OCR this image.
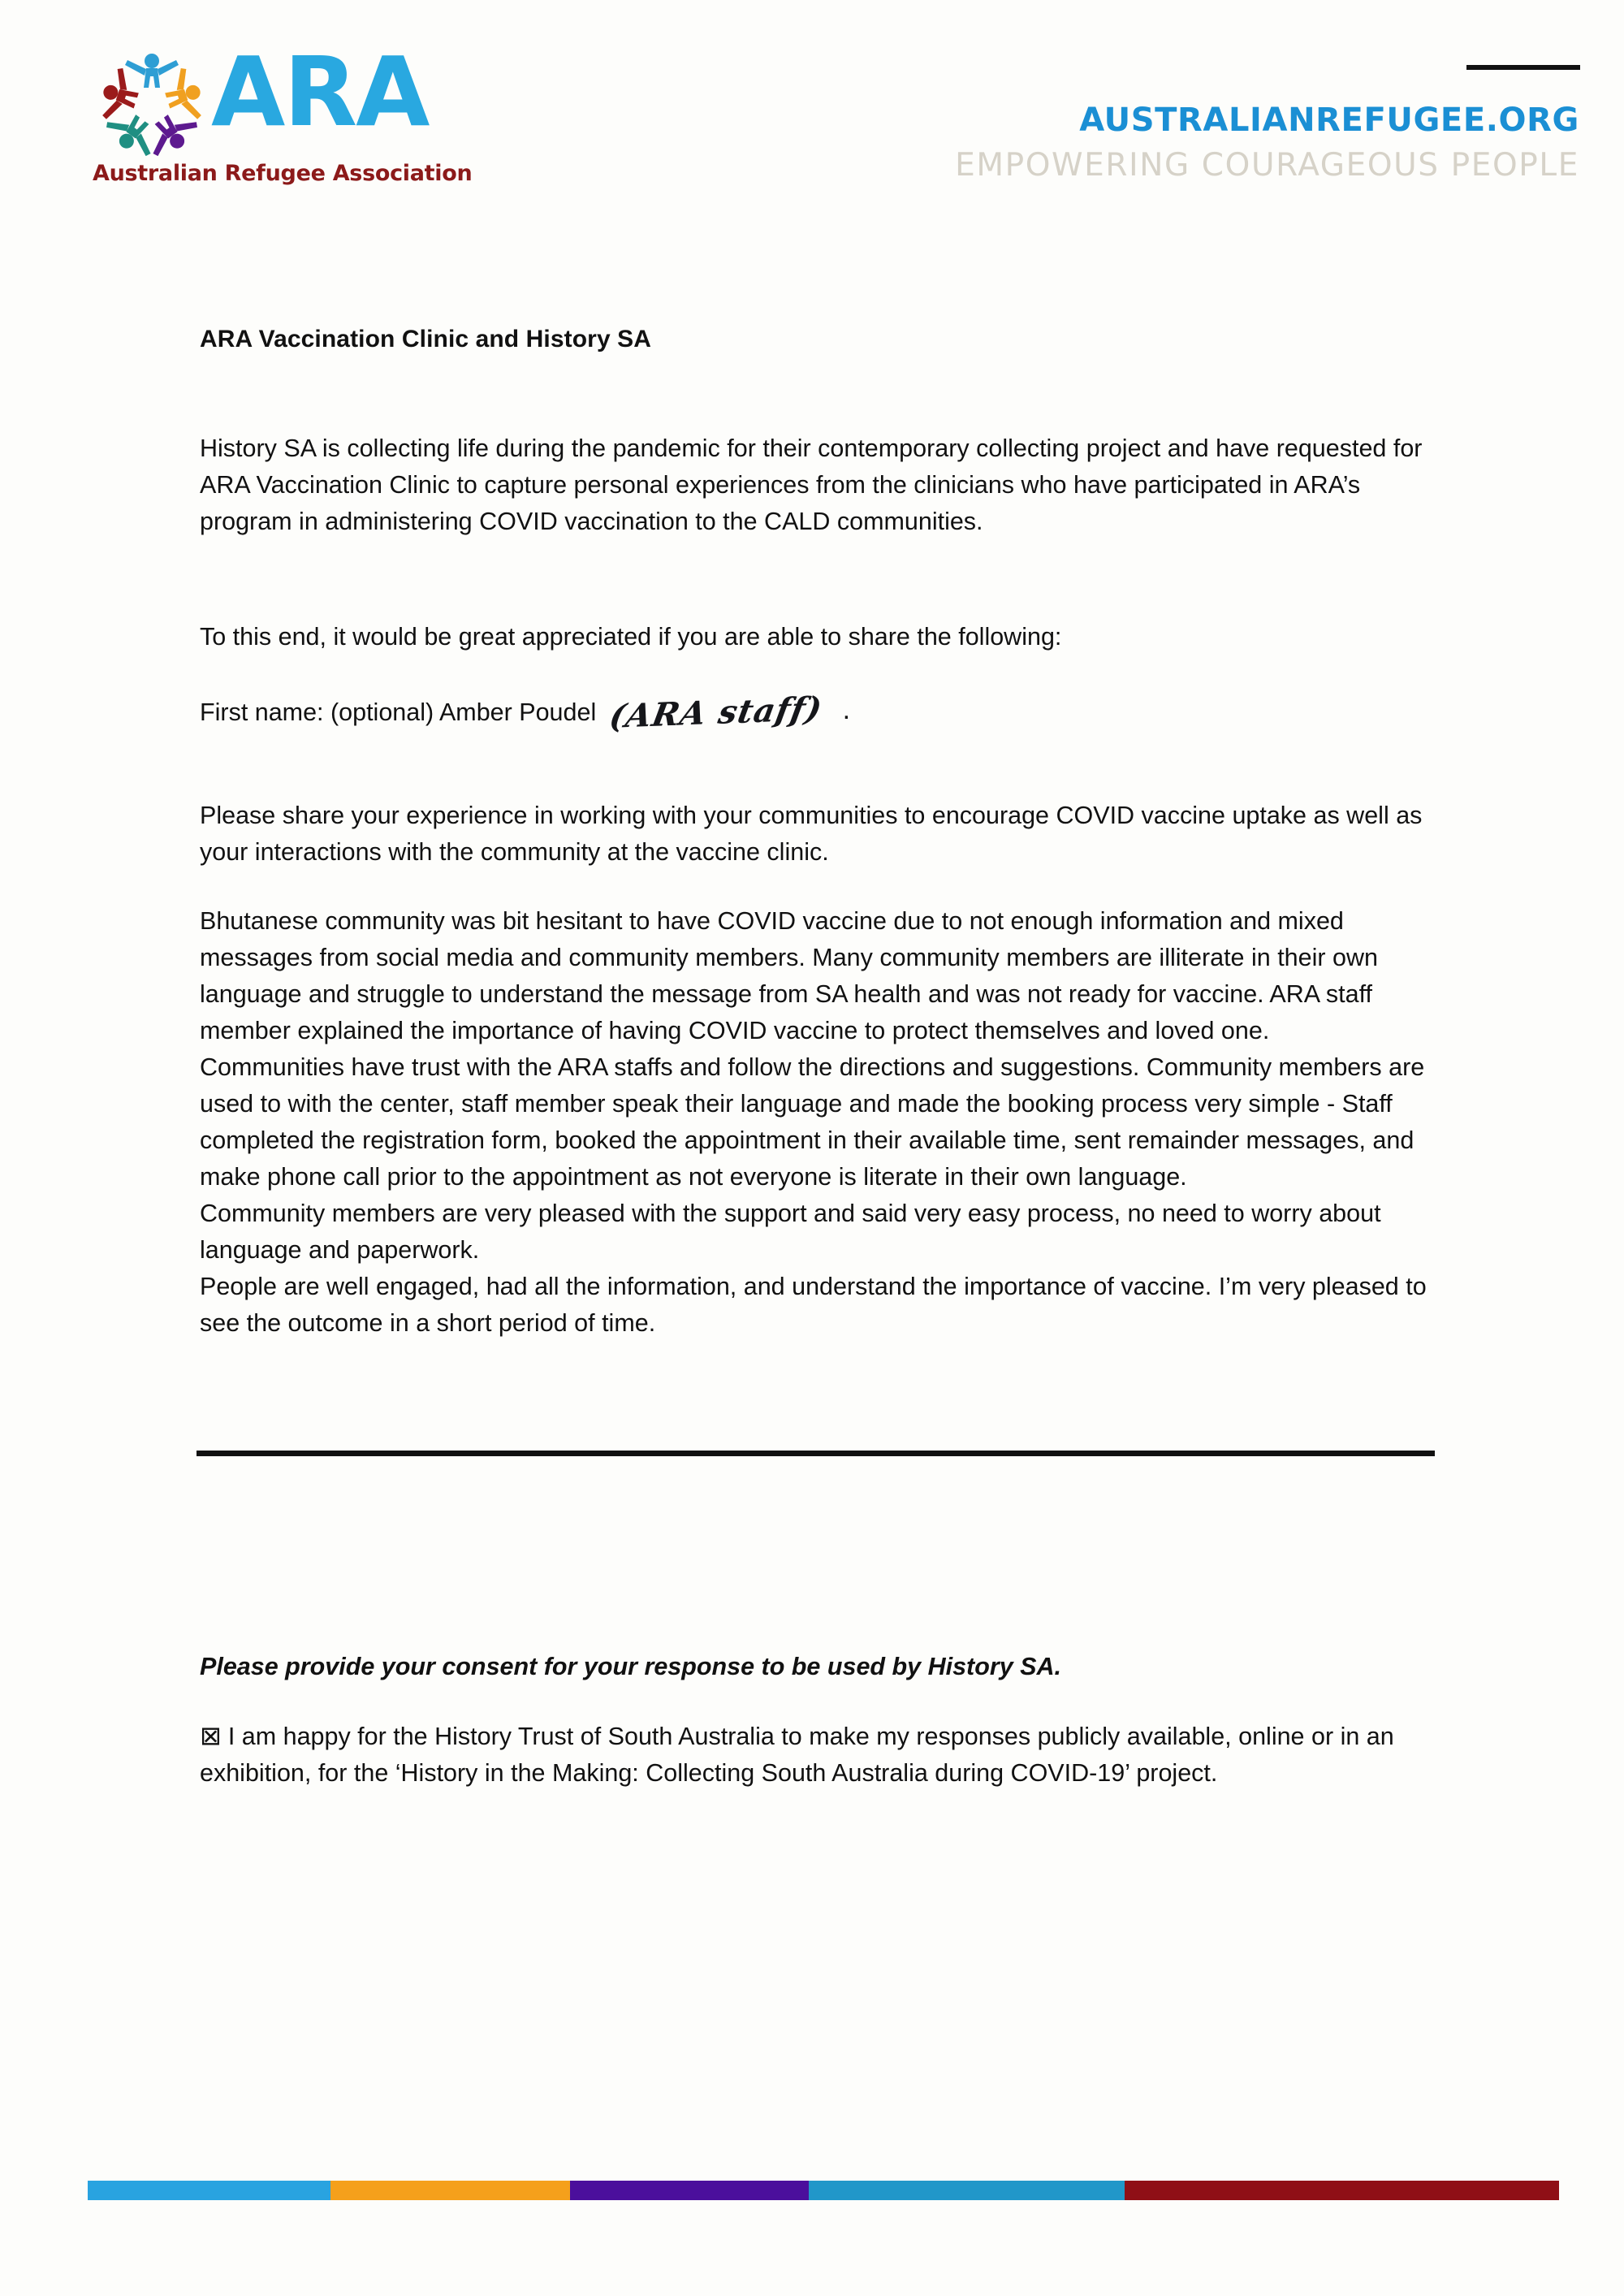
ARA
Australian Refugee Association
AUSTRALIANREFUGEE.ORG
EMPOWERING COURAGEOUS PEOPLE
ARA Vaccination Clinic and History SA
History SA is collecting life during the pandemic for their contemporary collecting project and have requested for ARA Vaccination Clinic to capture personal experiences from the clinicians who have participated in ARA’s program in administering COVID vaccination to the CALD communities.
To this end, it would be great appreciated if you are able to share the following:
First name: (optional) Amber Poudel (ARA staff) .
Please share your experience in working with your communities to encourage COVID vaccine uptake as well as your interactions with the community at the vaccine clinic.
Bhutanese community was bit hesitant to have COVID vaccine due to not enough information and mixed messages from social media and community members. Many community members are illiterate in their own language and struggle to understand the message from SA health and was not ready for vaccine. ARA staff member explained the importance of having COVID vaccine to protect themselves and loved one.
Communities have trust with the ARA staffs and follow the directions and suggestions. Community members are used to with the center, staff member speak their language and made the booking process very simple - Staff completed the registration form, booked the appointment in their available time, sent remainder messages, and make phone call prior to the appointment as not everyone is literate in their own language.
Community members are very pleased with the support and said very easy process, no need to worry about language and paperwork.
People are well engaged, had all the information, and understand the importance of vaccine. I’m very pleased to see the outcome in a short period of time.
Please provide your consent for your response to be used by History SA.
⊠ I am happy for the History Trust of South Australia to make my responses publicly available, online or in an exhibition, for the ‘History in the Making: Collecting South Australia during COVID-19’ project.
